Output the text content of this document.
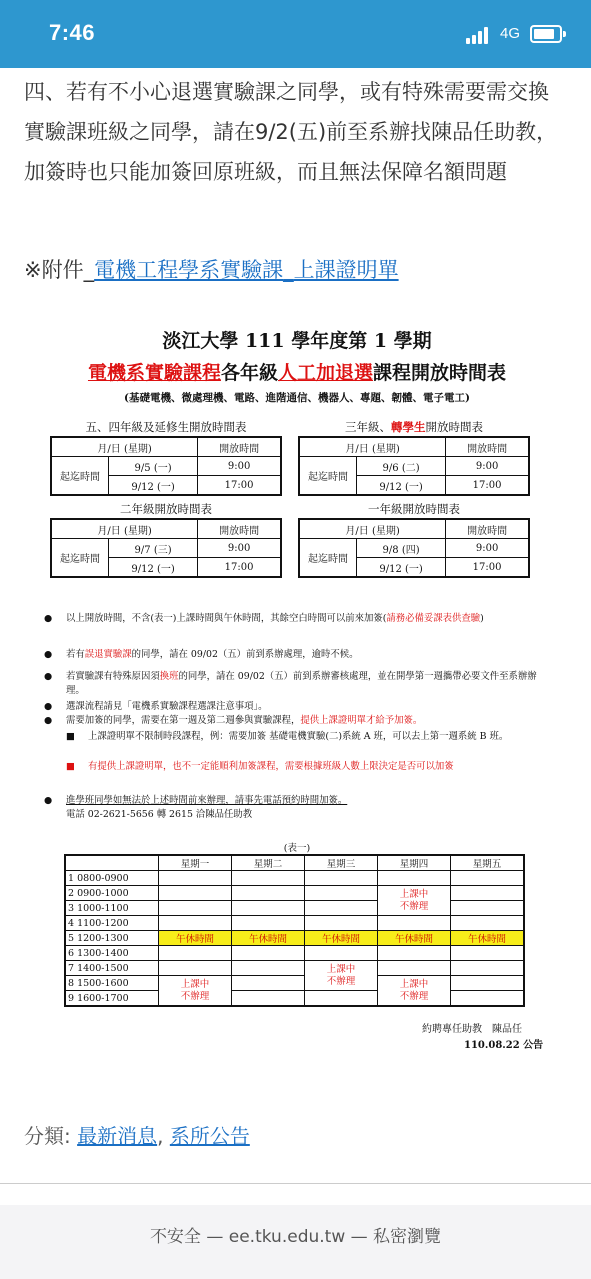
7:46	4G
四、若有不小心退選實驗課之同學，或有特殊需要需交換實驗課班級之同學，請在9/2(五)前至系辦找陳品任助教，加簽時也只能加簽回原班級，而且無法保障名額問題
※附件_電機工程學系實驗課_上課證明單
淡江大學 111 學年度第 1 學期
電機系實驗課程各年級人工加退選課程開放時間表
(基礎電機、微處理機、電路、進階通信、機器人、專題、韌體、電子電工)
五、四年級及延修生開放時間表
月/日 (星期)		開放時間
起迄時間	9/5 (一)	9:00
	9/12 (一)	17:00
三年級、轉學生開放時間表
月/日 (星期)		開放時間
起迄時間	9/6 (二)	9:00
	9/12 (一)	17:00
二年級開放時間表
月/日 (星期)		開放時間
起迄時間	9/7 (三)	9:00
	9/12 (一)	17:00
一年級開放時間表
月/日 (星期)		開放時間
起迄時間	9/8 (四)	9:00
	9/12 (一)	17:00
● 以上開放時間，不含(表一)上課時間與午休時間，其餘空白時間可以前來加簽(請務必備妥課表供查驗)
● 若有誤退實驗課的同學，請在 09/02（五）前到系辦處理，逾時不候。
● 若實驗課有特殊原因須換班的同學，請在 09/02（五）前到系辦審核處理，並在開學第一週攜帶必要文件至系辦辦理。
● 選課流程請見「電機系實驗課程選課注意事項」。
● 需要加簽的同學，需要在第一週及第二週參與實驗課程，提供上課證明單才給予加簽。
■ 上課證明單不限制時段課程，例：需要加簽 基礎電機實驗(二)系統 A 班，可以去上第一週系統 B 班。
■ 有提供上課證明單，也不一定能順利加簽課程，需要根據班級人數上限決定是否可以加簽
● 進學班同學如無法於上述時間前來辦理，請事先電話預約時間加簽。
電話 02-2621-5656 轉 2615 洽陳品任助教
(表一)
	星期一	星期二	星期三	星期四	星期五
1 0800-0900					
2 0900-1000				上課中
不辦理	
3 1000-1100					
4 1100-1200					
5 1200-1300	午休時間	午休時間	午休時間	午休時間	午休時間
6 1300-1400					
7 1400-1500			上課中
不辦理		
8 1500-1600	上課中
不辦理			上課中
不辦理	
9 1600-1700					
約聘專任助教　陳品任
110.08.22 公告
分類: 最新消息, 系所公告
不安全 — ee.tku.edu.tw — 私密瀏覽
